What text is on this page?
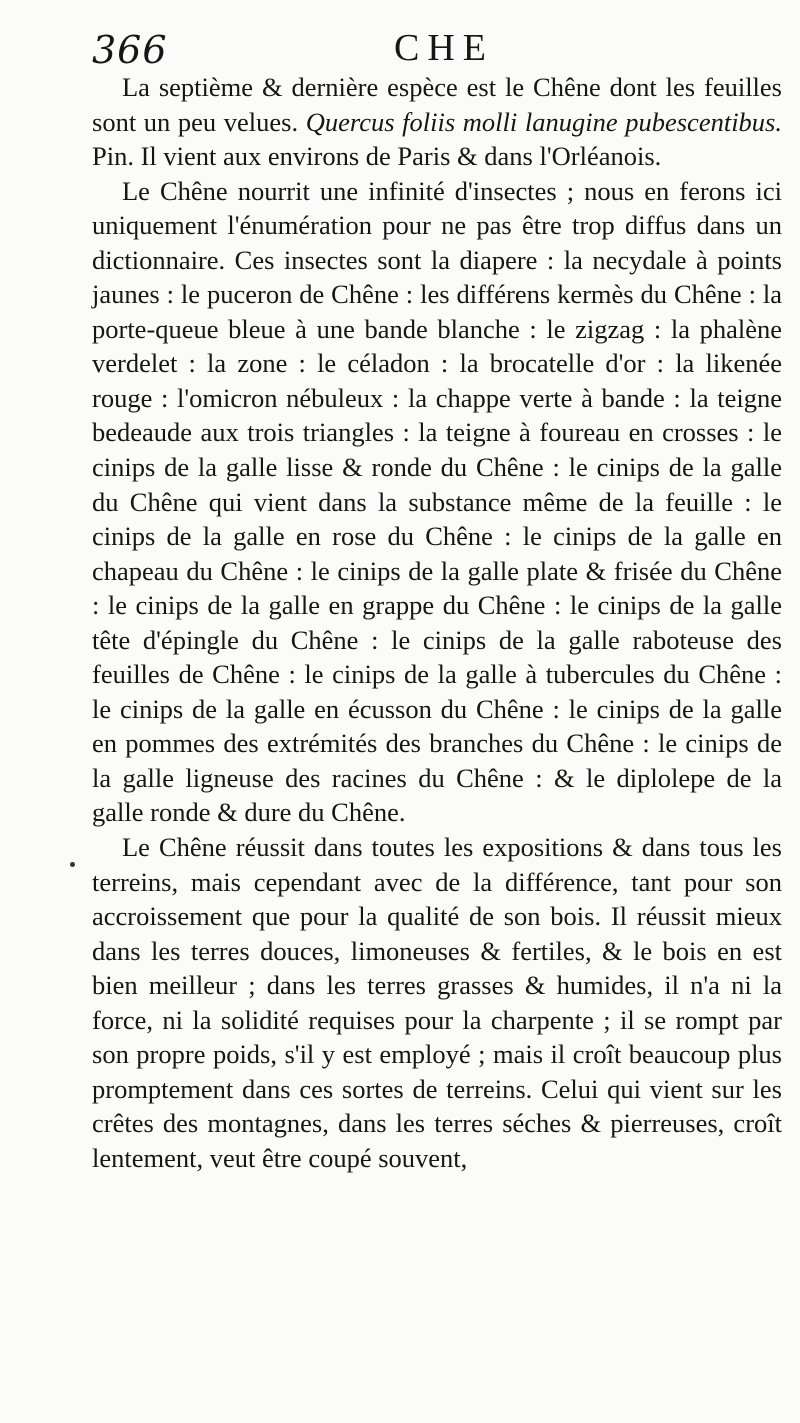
366	CHE

La septième & dernière espèce est le Chêne dont les feuilles sont un peu velues. Quercus foliis molli lanugine pubescentibus. Pin. Il vient aux environs de Paris & dans l'Orléanois.

Le Chêne nourrit une infinité d'insectes ; nous en ferons ici uniquement l'énumération pour ne pas être trop diffus dans un dictionnaire. Ces insectes sont la diapere : la necydale à points jaunes : le puceron de Chêne : les différens kermès du Chêne : la porte-queue bleue à une bande blanche : le zigzag : la phalène verdelet : la zone : le céladon : la brocatelle d'or : la likenée rouge : l'omicron nébuleux : la chappe verte à bande : la teigne bedeaude aux trois triangles : la teigne à foureau en crosses : le cinips de la galle lisse & ronde du Chêne : le cinips de la galle du Chêne qui vient dans la substance même de la feuille : le cinips de la galle en rose du Chêne : le cinips de la galle en chapeau du Chêne : le cinips de la galle plate & frisée du Chêne : le cinips de la galle en grappe du Chêne : le cinips de la galle tête d'épingle du Chêne : le cinips de la galle raboteuse des feuilles de Chêne : le cinips de la galle à tubercules du Chêne : le cinips de la galle en écusson du Chêne : le cinips de la galle en pommes des extrémités des branches du Chêne : le cinips de la galle ligneuse des racines du Chêne : & le diplolepe de la galle ronde & dure du Chêne.

Le Chêne réussit dans toutes les expositions & dans tous les terreins, mais cependant avec de la différence, tant pour son accroissement que pour la qualité de son bois. Il réussit mieux dans les terres douces, limoneuses & fertiles, & le bois en est bien meilleur ; dans les terres grasses & humides, il n'a ni la force, ni la solidité requises pour la charpente ; il se rompt par son propre poids, s'il y est employé ; mais il croît beaucoup plus promptement dans ces sortes de terreins. Celui qui vient sur les crêtes des montagnes, dans les terres séches & pierreuses, croît lentement, veut être coupé souvent,
